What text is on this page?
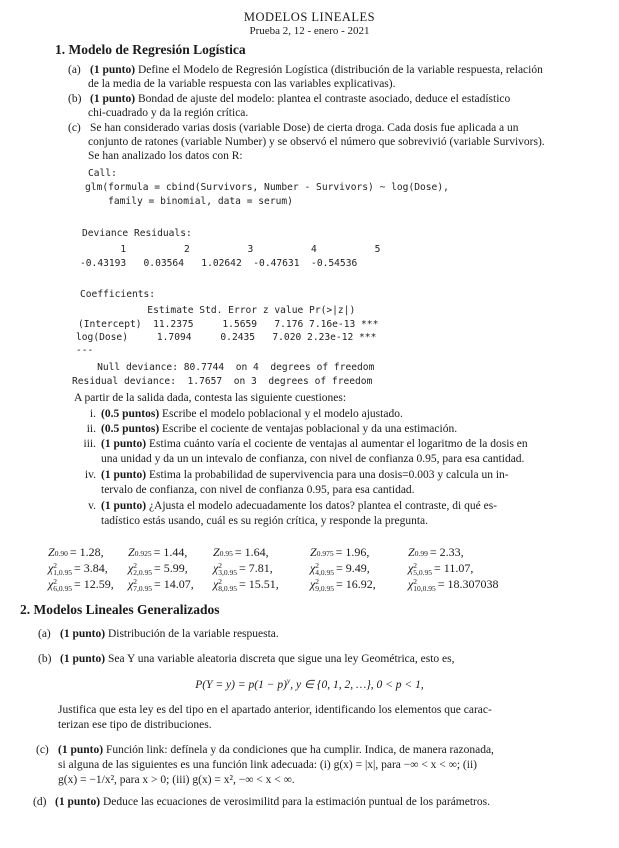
MODELOS LINEALES
Prueba 2, 12 - enero - 2021
1. Modelo de Regresión Logística
(a) (1 punto) Define el Modelo de Regresión Logística (distribución de la variable respuesta, relación
de la media de la variable respuesta con las variables explicativas).
(b) (1 punto) Bondad de ajuste del modelo: plantea el contraste asociado, deduce el estadístico
chi-cuadrado y da la región crítica.
(c) Se han considerado varias dosis (variable Dose) de cierta droga. Cada dosis fue aplicada a un
conjunto de ratones (variable Number) y se observó el número que sobrevivió (variable Survivors).
Se han analizado los datos con R:
Call:
glm(formula = cbind(Survivors, Number - Survivors) ~ log(Dose),
family = binomial, data = serum)
Deviance Residuals:
1          2          3          4          5
-0.43193   0.03564   1.02642  -0.47631  -0.54536
Coefficients:
Estimate Std. Error z value Pr(>|z|)
(Intercept)  11.2375     1.5659   7.176 7.16e-13 ***
log(Dose)     1.7094     0.2435   7.020 2.23e-12 ***
---
Null deviance: 80.7744  on 4  degrees of freedom
Residual deviance:  1.7657  on 3  degrees of freedom
A partir de la salida dada, contesta las siguiente cuestiones:
i. (0.5 puntos) Escribe el modelo poblacional y el modelo ajustado.
ii. (0.5 puntos) Escribe el cociente de ventajas poblacional y da una estimación.
iii. (1 punto) Estima cuánto varía el cociente de ventajas al aumentar el logaritmo de la dosis en
una unidad y da un un intevalo de confianza, con nivel de confianza 0.95, para esa cantidad.
iv. (1 punto) Estima la probabilidad de supervivencia para una dosis=0.003 y calcula un in-
tervalo de confianza, con nivel de confianza 0.95, para esa cantidad.
v. (1 punto) ¿Ajusta el modelo adecuadamente los datos? plantea el contraste, di qué es-
tadístico estás usando, cuál es su región crítica, y responde la pregunta.
Z 0.90 = 1.28, Z 0.925 = 1.44, Z 0.95 = 1.64,	Z 0.975 = 1.96,	Z 0.99 = 2.33,
χ 2
1,0.95 = 3.84, χ 2
2,0.95 = 5.99, χ 2
3,0.95 = 7.81,	χ 2
4,0.95 = 9.49,	χ 2
5,0.95 = 11.07,
χ 2
6,0.95 = 12.59, χ 2
7,0.95 = 14.07, χ 2
8,0.95 = 15.51,	χ 2
9,0.95 = 16.92,	χ 2
10,0.95 = 18.307038
2. Modelos Lineales Generalizados
(a) (1 punto) Distribución de la variable respuesta.
(b) (1 punto) Sea Y una variable aleatoria discreta que sigue una ley Geométrica, esto es,
$P(Y = y) = p(1 - p)^y$, y ∈ {0, 1, 2, …}, 0 < p < 1,
Justifica que esta ley es del tipo en el apartado anterior, identificando los elementos que carac-
terizan ese tipo de distribuciones.
(c) (1 punto) Función link: defínela y da condiciones que ha cumplir. Indica, de manera razonada,
si alguna de las siguientes es una función link adecuada: (i) g(x) = |x|, para −∞ < x < ∞; (ii)
g(x) = −1/x², para x > 0; (iii) g(x) = x², −∞ < x < ∞.
(d) (1 punto) Deduce las ecuaciones de verosimilitd para la estimación puntual de los parámetros.
